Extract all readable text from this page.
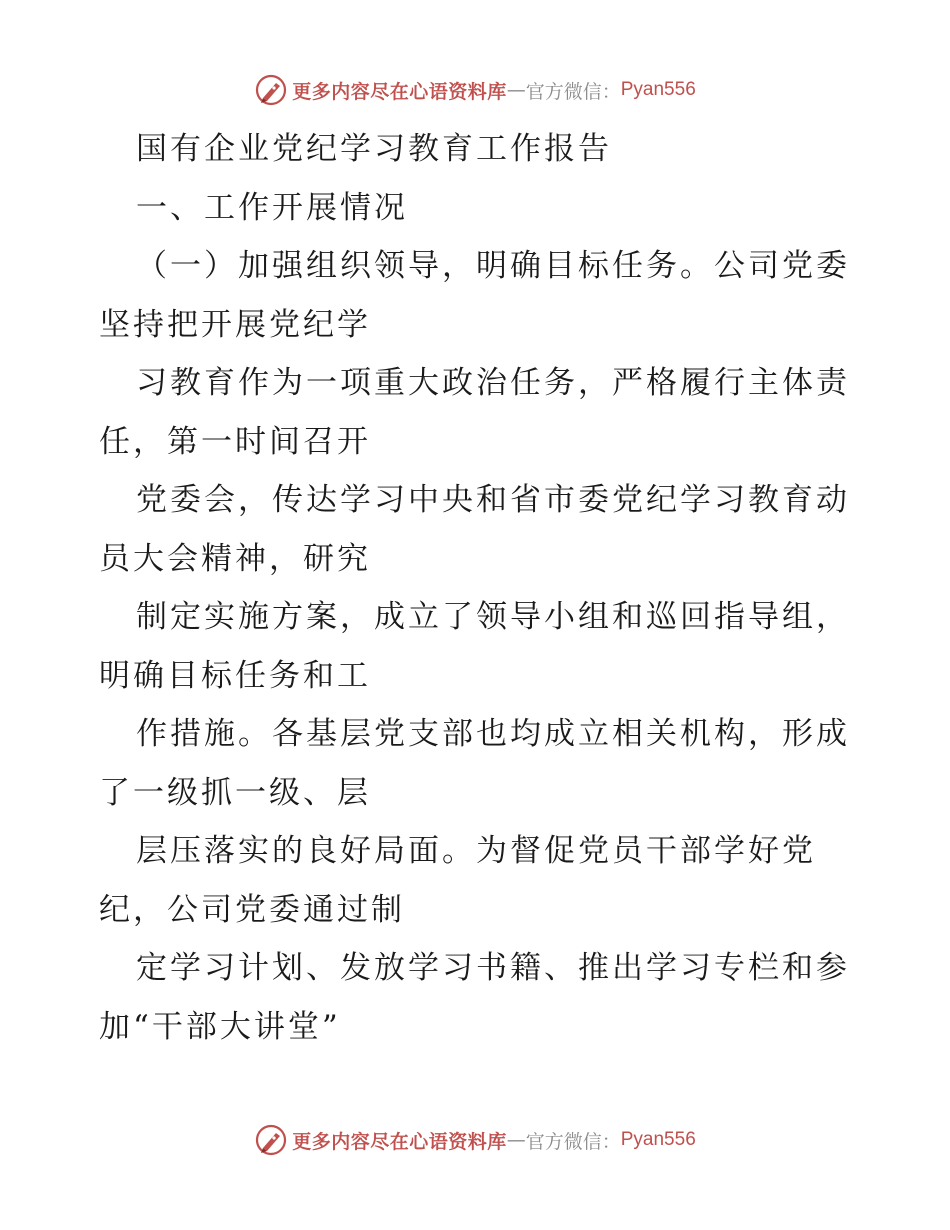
更多内容尽在心语资料库 — 官方微信： Pyan556
国有企业党纪学习教育工作报告
一、工作开展情况
（一）加强组织领导，明确目标任务。公司党委
坚持把开展党纪学
习教育作为一项重大政治任务，严格履行主体责
任，第一时间召开
党委会，传达学习中央和省市委党纪学习教育动
员大会精神，研究
制定实施方案，成立了领导小组和巡回指导组，
明确目标任务和工
作措施。各基层党支部也均成立相关机构，形成
了一级抓一级、层
层压落实的良好局面。为督促党员干部学好党
纪，公司党委通过制
定学习计划、发放学习书籍、推出学习专栏和参
加“干部大讲堂”
更多内容尽在心语资料库 — 官方微信： Pyan556
